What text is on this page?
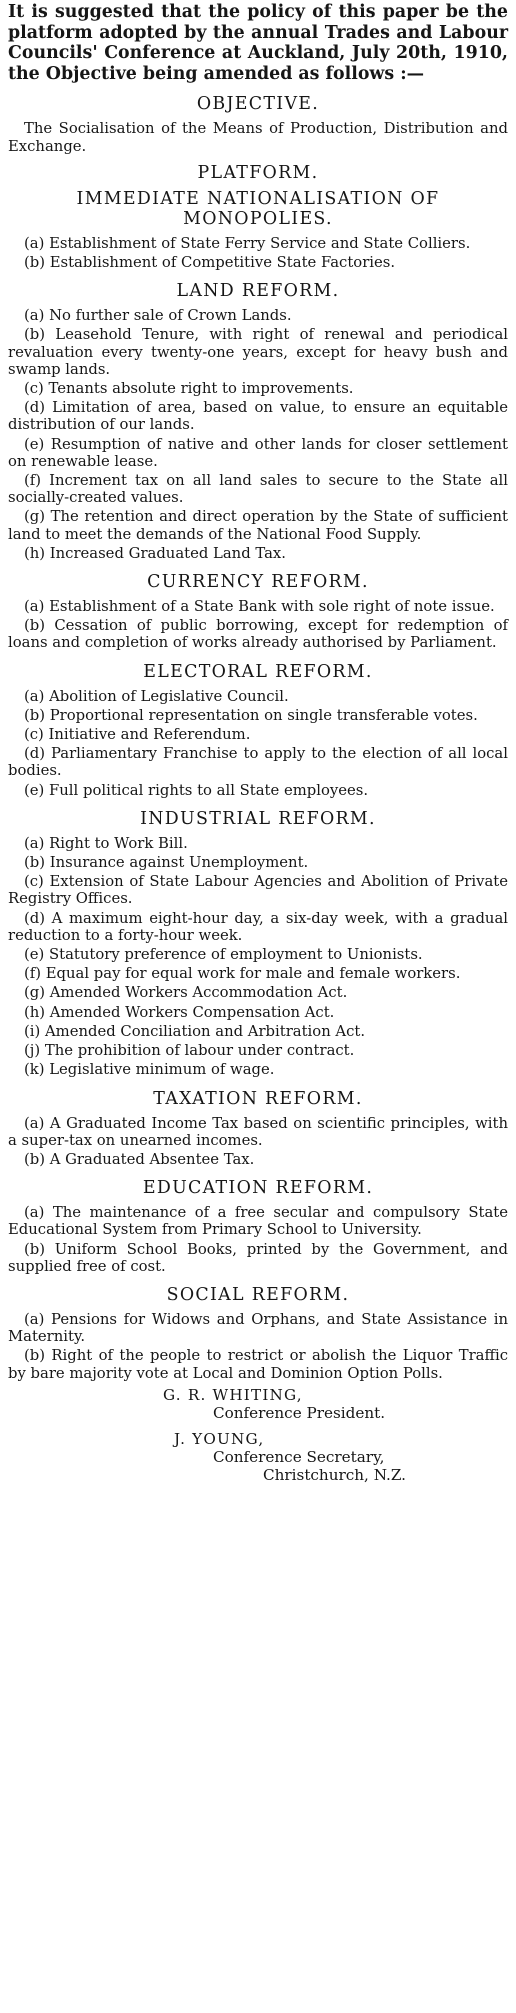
It is suggested that the policy of this paper be the platform adopted by the annual Trades and Labour Councils' Conference at Auckland, July 20th, 1910, the Objective being amended as follows :—

OBJECTIVE.

The Socialisation of the Means of Production, Distribution and Exchange.

PLATFORM.
IMMEDIATE NATIONALISATION OF MONOPOLIES.

(a) Establishment of State Ferry Service and State Colliers.

(b) Establishment of Competitive State Factories.

LAND REFORM.

(a) No further sale of Crown Lands.

(b) Leasehold Tenure, with right of renewal and periodical revaluation every twenty-one years, except for heavy bush and swamp lands.

(c) Tenants absolute right to improvements.

(d) Limitation of area, based on value, to ensure an equitable distribution of our lands.

(e) Resumption of native and other lands for closer settlement on renewable lease.

(f) Increment tax on all land sales to secure to the State all socially-created values.

(g) The retention and direct operation by the State of sufficient land to meet the demands of the National Food Supply.

(h) Increased Graduated Land Tax.

CURRENCY REFORM.

(a) Establishment of a State Bank with sole right of note issue.

(b) Cessation of public borrowing, except for redemption of loans and completion of works already authorised by Parliament.

ELECTORAL REFORM.

(a) Abolition of Legislative Council.

(b) Proportional representation on single transferable votes.

(c) Initiative and Referendum.

(d) Parliamentary Franchise to apply to the election of all local bodies.

(e) Full political rights to all State employees.

INDUSTRIAL REFORM.

(a) Right to Work Bill.

(b) Insurance against Unemployment.

(c) Extension of State Labour Agencies and Abolition of Private Registry Offices.

(d) A maximum eight-hour day, a six-day week, with a gradual reduction to a forty-hour week.

(e) Statutory preference of employment to Unionists.

(f) Equal pay for equal work for male and female workers.

(g) Amended Workers Accommodation Act.

(h) Amended Workers Compensation Act.

(i) Amended Conciliation and Arbitration Act.

(j) The prohibition of labour under contract.

(k) Legislative minimum of wage.

TAXATION REFORM.

(a) A Graduated Income Tax based on scientific principles, with a super-tax on unearned incomes.

(b) A Graduated Absentee Tax.

EDUCATION REFORM.

(a) The maintenance of a free secular and compulsory State Educational System from Primary School to University.

(b) Uniform School Books, printed by the Government, and supplied free of cost.

SOCIAL REFORM.

(a) Pensions for Widows and Orphans, and State Assistance in Maternity.

(b) Right of the people to restrict or abolish the Liquor Traffic by bare majority vote at Local and Dominion Option Polls.

G. R. WHITING,
Conference President.
J. YOUNG,
Conference Secretary,
Christchurch, N.Z.
